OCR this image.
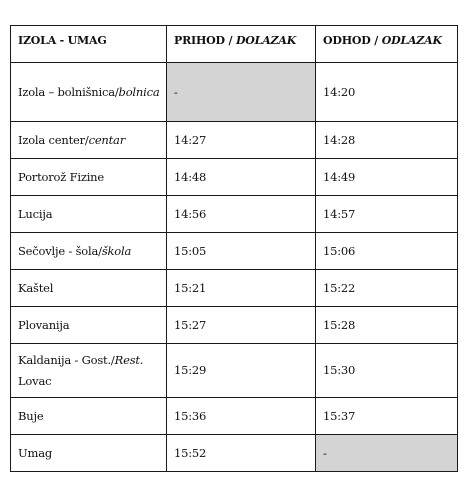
IZOLA - UMAG	PRIHOD / DOLAZAK	ODHOD / ODLAZAK
Izola – bolnišnica/bolnica	-	14:20
Izola center/centar	14:27	14:28
Portorož Fizine	14:48	14:49
Lucija	14:56	14:57
Sečovlje - šola/škola	15:05	15:06
Kaštel	15:21	15:22
Plovanija	15:27	15:28
Kaldanija - Gost./Rest. Lovac	15:29	15:30
Buje	15:36	15:37
Umag	15:52	-
